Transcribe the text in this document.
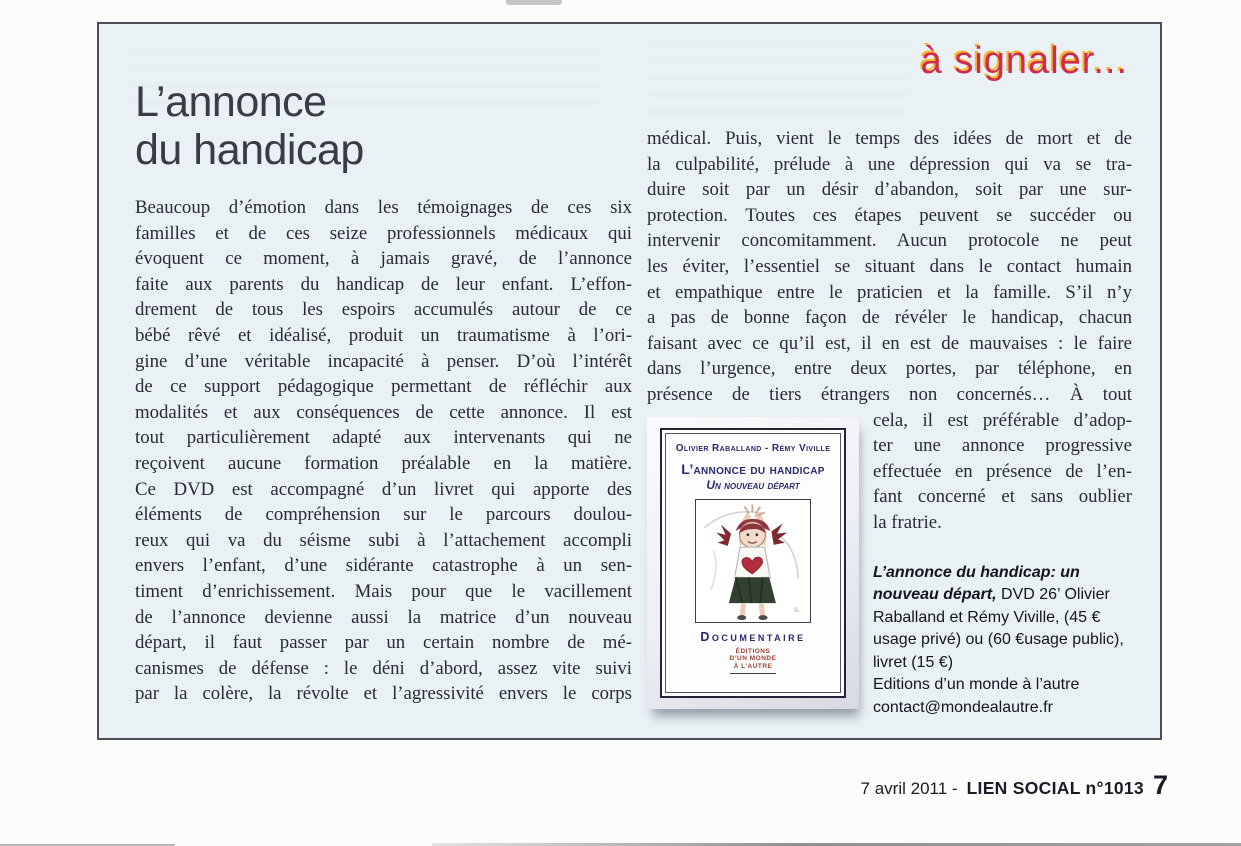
à signaler...
L’annonce
du handicap
Beaucoup d’émotion dans les témoignages de ces six
familles et de ces seize professionnels médicaux qui
évoquent ce moment, à jamais gravé, de l’annonce
faite aux parents du handicap de leur enfant. L’effon-
drement de tous les espoirs accumulés autour de ce
bébé rêvé et idéalisé, produit un traumatisme à l’ori-
gine d’une véritable incapacité à penser. D’où l’intérêt
de ce support pédagogique permettant de réfléchir aux
modalités et aux conséquences de cette annonce. Il est
tout particulièrement adapté aux intervenants qui ne
reçoivent aucune formation préalable en la matière.
Ce DVD est accompagné d’un livret qui apporte des
éléments de compréhension sur le parcours doulou-
reux qui va du séisme subi à l’attachement accompli
envers l’enfant, d’une sidérante catastrophe à un sen-
timent d’enrichissement. Mais pour que le vacillement
de l’annonce devienne aussi la matrice d’un nouveau
départ, il faut passer par un certain nombre de mé-
canismes de défense : le déni d’abord, assez vite suivi
par la colère, la révolte et l’agressivité envers le corps
médical. Puis, vient le temps des idées de mort et de
la culpabilité, prélude à une dépression qui va se tra-
duire soit par un désir d’abandon, soit par une sur-
protection. Toutes ces étapes peuvent se succéder ou
intervenir concomitamment. Aucun protocole ne peut
les éviter, l’essentiel se situant dans le contact humain
et empathique entre le praticien et la famille. S’il n’y
a pas de bonne façon de révéler le handicap, chacun
faisant avec ce qu’il est, il en est de mauvaises : le faire
dans l’urgence, entre deux portes, par téléphone, en
présence de tiers étrangers non concernés… À tout
Olivier Raballand - Rémy Viville
L’annonce du handicap
Un nouveau départ
S.
Documentaire
ÉDITIONS
D’UN MONDE
À L’AUTRE
cela, il est préférable d’adop-
ter une annonce progressive
effectuée en présence de l’en-
fant concerné et sans oublier
la fratrie.
L’annonce du handicap: un nouveau départ, DVD 26’ Olivier Raballand et Rémy Viville, (45 € usage privé) ou (60 €usage public), livret (15 €)
Editions d’un monde à l’autre
contact@mondealautre.fr
7 avril 2011 - LIEN SOCIAL n°1013 7
